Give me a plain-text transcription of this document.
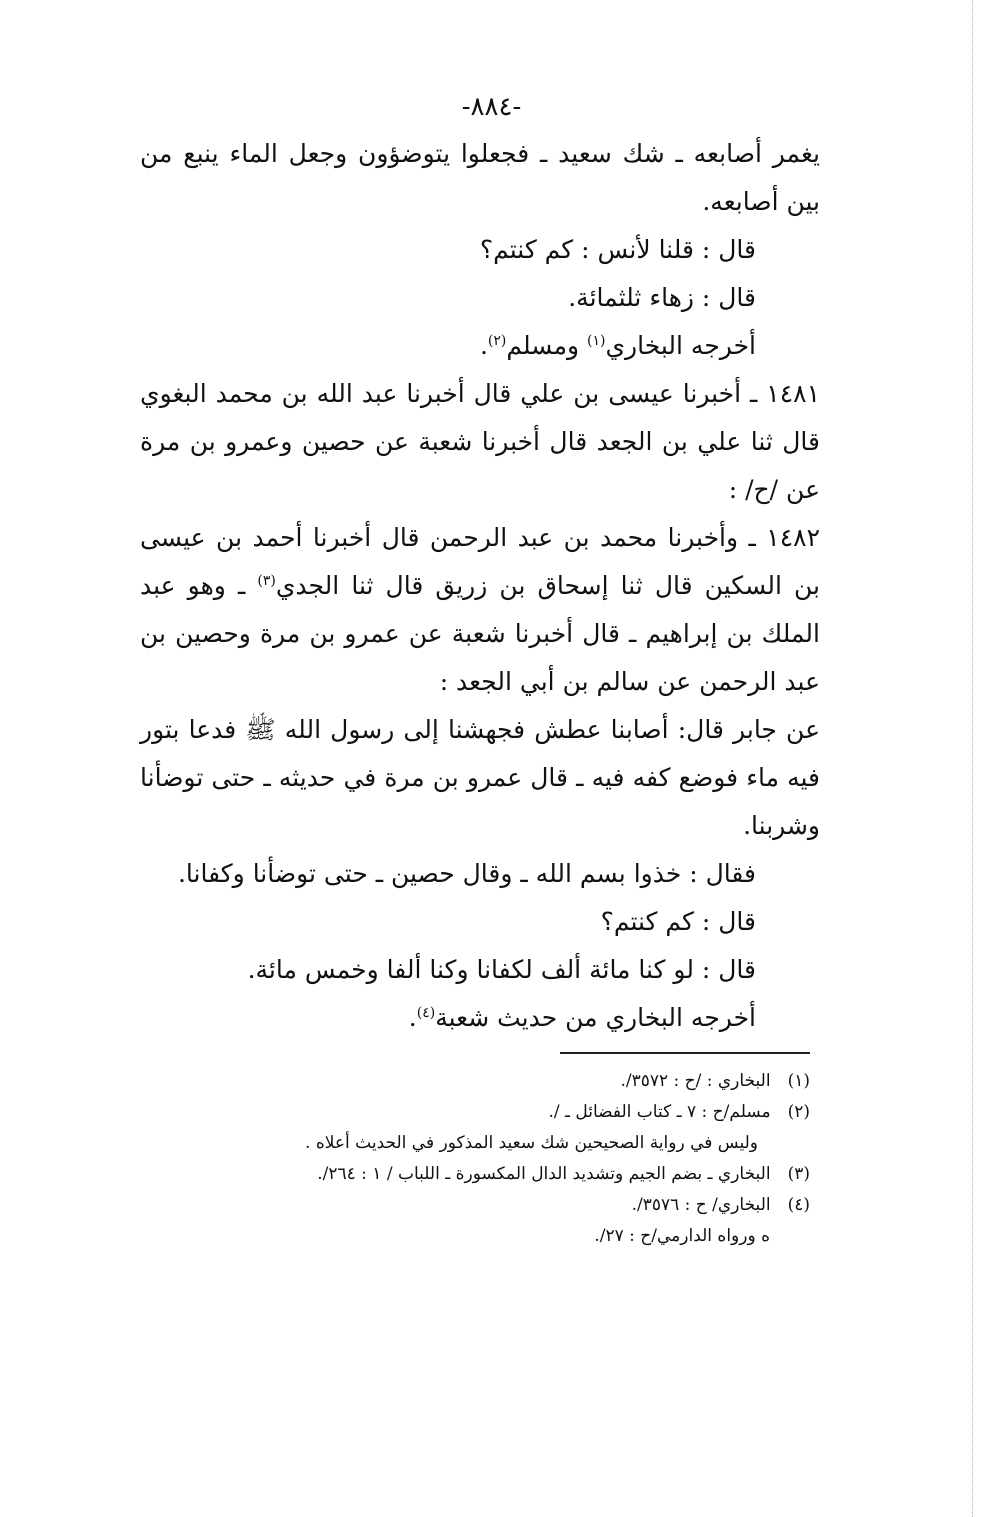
-٨٨٤-

يغمر أصابعه ـ شك سعيد ـ فجعلوا يتوضؤون وجعل الماء ينبع من بين أصابعه.

قال : قلنا لأنس : كم كنتم؟

قال : زهاء ثلثمائة.

أخرجه البخاري$^{(١)}$ ومسلم$^{(٢)}$.

١٤٨١ ـ أخبرنا عيسى بن علي قال أخبرنا عبد الله بن محمد البغوي قال ثنا علي بن الجعد قال أخبرنا شعبة عن حصين وعمرو بن مرة عن /ح/ :

١٤٨٢ ـ وأخبرنا محمد بن عبد الرحمن قال أخبرنا أحمد بن عيسى بن السكين قال ثنا إسحاق بن زريق قال ثنا الجدي$^{(٣)}$ ـ وهو عبد الملك بن إبراهيم ـ قال أخبرنا شعبة عن عمرو بن مرة وحصين بن عبد الرحمن عن سالم بن أبي الجعد :

عن جابر قال: أصابنا عطش فجهشنا إلى رسول الله ﷺ فدعا بتور فيه ماء فوضع كفه فيه ـ قال عمرو بن مرة في حديثه ـ حتى توضأنا وشربنا.

فقال : خذوا بسم الله ـ وقال حصين ـ حتى توضأنا وكفانا.

قال : كم كنتم؟

قال : لو كنا مائة ألف لكفانا وكنا ألفا وخمس مائة.

أخرجه البخاري من حديث شعبة$^{(٤)}$.

(١) البخاري : /ح : ٣٥٧٢/.

(٢) مسلم/ح : ٧ ـ كتاب الفضائل ـ /.

وليس في رواية الصحيحين شك سعيد المذكور في الحديث أعلاه .

(٣) البخاري ـ بضم الجيم وتشديد الدال المكسورة ـ اللباب / ١ : ٢٦٤/.

(٤) البخاري/ ح : ٣٥٧٦/.

ه ورواه الدارمي/ح : ٢٧/.
